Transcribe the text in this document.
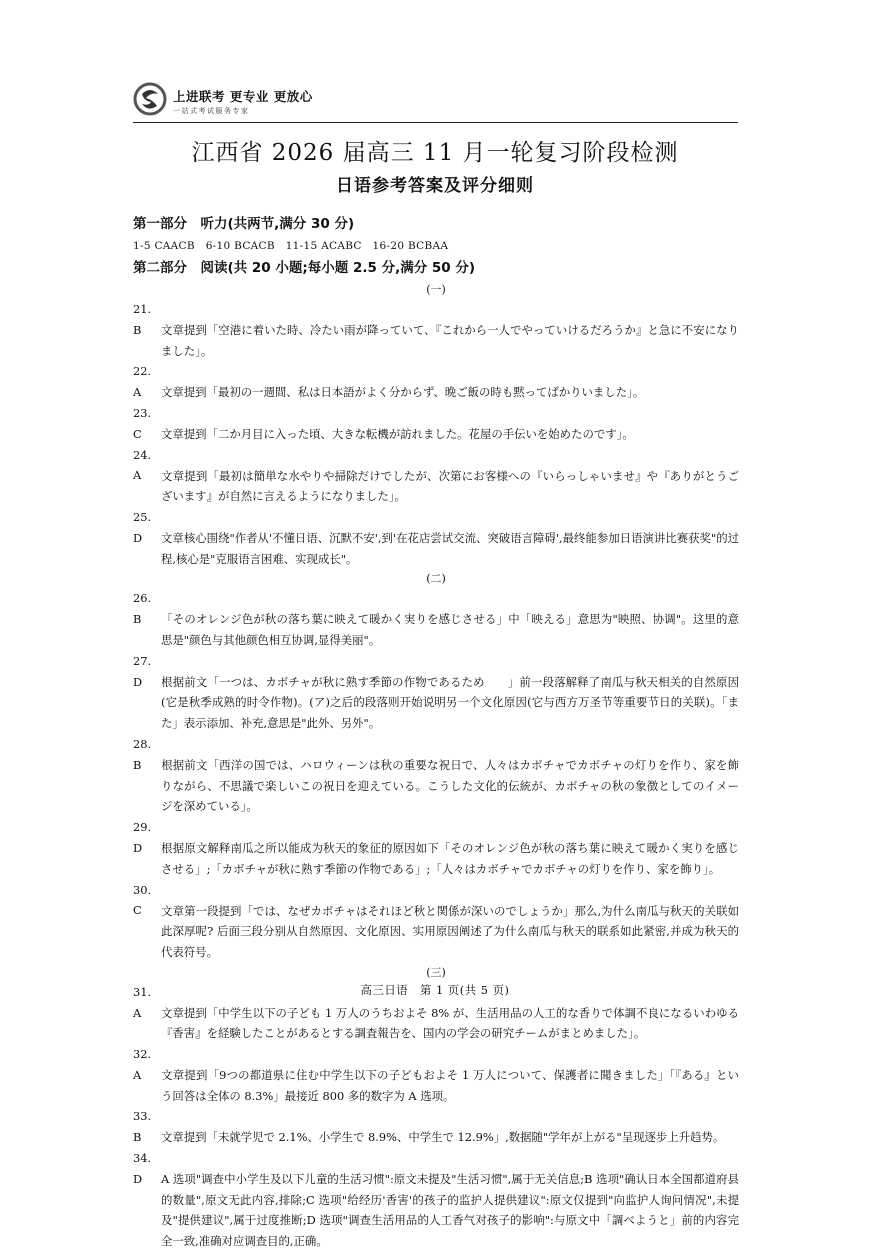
上进联考 更专业 更放心
一站式考试服务专家
江西省 2026 届高三 11 月一轮复习阶段检测
日语参考答案及评分细则
第一部分　听力(共两节,满分 30 分)
1-5 CAACB　6-10 BCACB　11-15 ACABC　16-20 BCBAA
第二部分　阅读(共 20 小题;每小题 2.5 分,满分 50 分)
(一)
21. B 文章提到「空港に着いた時、冷たい雨が降っていて、『これから一人でやっていけるだろうか』と急に不安になりました」。
22. A 文章提到「最初の一週間、私は日本語がよく分からず、晩ご飯の時も黙ってばかりいました」。
23. C 文章提到「二か月目に入った頃、大きな転機が訪れました。花屋の手伝いを始めたのです」。
24. A 文章提到「最初は簡単な水やりや掃除だけでしたが、次第にお客様への『いらっしゃいませ』や『ありがとうございます』が自然に言えるようになりました」。
25. D 文章核心围绕"作者从'不懂日语、沉默不安',到'在花店尝试交流、突破语言障碍',最终能参加日语演讲比赛获奖"的过程,核心是"克服语言困难、实现成长"。
(二)
26. B 「そのオレンジ色が秋の落ち葉に映えて暖かく実りを感じさせる」中「映える」意思为"映照、协调"。这里的意思是"颜色与其他颜色相互协调,显得美丽"。
27. D 根据前文「一つは、カボチャが秋に熟す季節の作物であるため　　」前一段落解释了南瓜与秋天相关的自然原因(它是秋季成熟的时令作物)。(ア)之后的段落则开始说明另一个文化原因(它与西方万圣节等重要节日的关联)。「また」表示添加、补充,意思是"此外、另外"。
28. B 根据前文「西洋の国では、ハロウィーンは秋の重要な祝日で、人々はカボチャでカボチャの灯りを作り、家を飾りながら、不思議で楽しいこの祝日を迎えている。こうした文化的伝統が、カボチャの秋の象徴としてのイメージを深めている」。
29. D 根据原文解释南瓜之所以能成为秋天的象征的原因如下「そのオレンジ色が秋の落ち葉に映えて暖かく実りを感じさせる」;「カボチャが秋に熟す季節の作物である」;「人々はカボチャでカボチャの灯りを作り、家を飾り」。
30. C 文章第一段提到「では、なぜカボチャはそれほど秋と関係が深いのでしょうか」那么,为什么南瓜与秋天的关联如此深厚呢? 后面三段分别从自然原因、文化原因、实用原因阐述了为什么南瓜与秋天的联系如此紧密,并成为秋天的代表符号。
(三)
31. A 文章提到「中学生以下の子ども 1 万人のうちおよそ 8% が、生活用品の人工的な香りで体調不良になるいわゆる『香害』を経験したことがあるとする調査報告を、国内の学会の研究チームがまとめました」。
32. A 文章提到「9つの都道県に住む中学生以下の子どもおよそ 1 万人について、保護者に聞きました」「『ある』という回答は全体の 8.3%」最接近 800 多的数字为 A 选项。
33. B 文章提到「未就学児で 2.1%、小学生で 8.9%、中学生で 12.9%」,数据随"学年が上がる"呈现逐步上升趋势。
34. D A 选项"调查中小学生及以下儿童的生活习惯":原文未提及"生活习惯",属于无关信息;B 选项"确认日本全国都道府县的数量",原文无此内容,排除;C 选项"给经历'香害'的孩子的监护人提供建议":原文仅提到"向监护人询问情况",未提及"提供建议",属于过度推断;D 选项"调查生活用品的人工香气对孩子的影响":与原文中「調べようと」前的内容完全一致,准确对应调查目的,正确。
高三日语　第 1 页(共 5 页)
